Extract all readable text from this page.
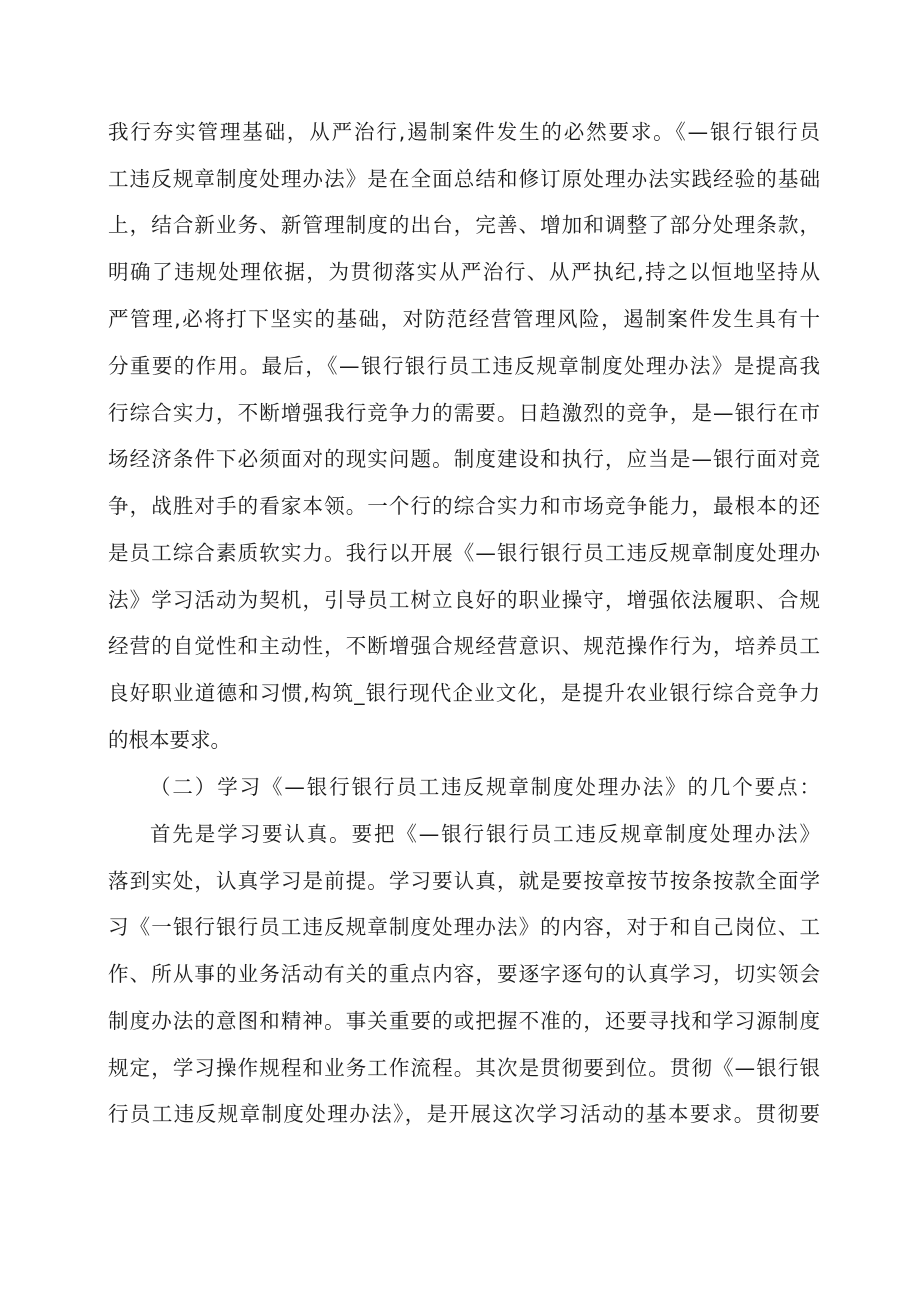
我行夯实管理基础，从严治行,遏制案件发生的必然要求。《—银行银行员
工违反规章制度处理办法》是在全面总结和修订原处理办法实践经验的基础
上，结合新业务、新管理制度的出台，完善、增加和调整了部分处理条款，
明确了违规处理依据，为贯彻落实从严治行、从严执纪,持之以恒地坚持从
严管理,必将打下坚实的基础，对防范经营管理风险，遏制案件发生具有十
分重要的作用。最后，《—银行银行员工违反规章制度处理办法》是提高我
行综合实力，不断增强我行竞争力的需要。日趋激烈的竞争，是—银行在市
场经济条件下必须面对的现实问题。制度建设和执行，应当是—银行面对竞
争，战胜对手的看家本领。一个行的综合实力和市场竞争能力，最根本的还
是员工综合素质软实力。我行以开展《—银行银行员工违反规章制度处理办
法》学习活动为契机，引导员工树立良好的职业操守，增强依法履职、合规
经营的自觉性和主动性，不断增强合规经营意识、规范操作行为，培养员工
良好职业道德和习惯,构筑_银行现代企业文化，是提升农业银行综合竞争力
的根本要求。
（二）学习《—银行银行员工违反规章制度处理办法》的几个要点：
首先是学习要认真。要把《—银行银行员工违反规章制度处理办法》
落到实处，认真学习是前提。学习要认真，就是要按章按节按条按款全面学
习《一银行银行员工违反规章制度处理办法》的内容，对于和自己岗位、工
作、所从事的业务活动有关的重点内容，要逐字逐句的认真学习，切实领会
制度办法的意图和精神。事关重要的或把握不准的，还要寻找和学习源制度
规定，学习操作规程和业务工作流程。其次是贯彻要到位。贯彻《—银行银
行员工违反规章制度处理办法》，是开展这次学习活动的基本要求。贯彻要
